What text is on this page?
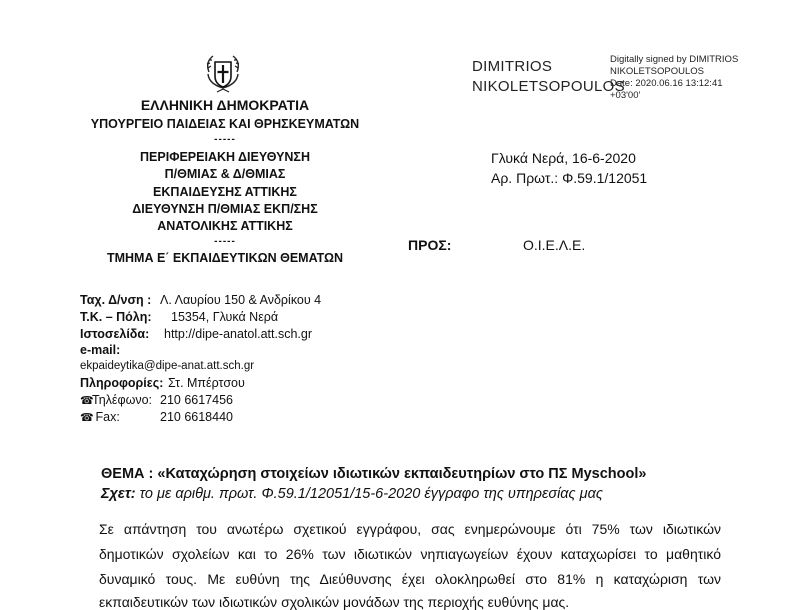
ΕΛΛΗΝΙΚΗ ΔΗΜΟΚΡΑΤΙΑ
ΥΠΟΥΡΓΕΙΟ ΠΑΙΔΕΙΑΣ ΚΑΙ ΘΡΗΣΚΕΥΜΑΤΩΝ
-----
ΠΕΡΙΦΕΡΕΙΑΚΗ ΔΙΕΥΘΥΝΣΗ
Π/ΘΜΙΑΣ & Δ/ΘΜΙΑΣ
ΕΚΠΑΙΔΕΥΣΗΣ ΑΤΤΙΚΗΣ
ΔΙΕΥΘΥΝΣΗ Π/ΘΜΙΑΣ ΕΚΠ/ΣΗΣ
ΑΝΑΤΟΛΙΚΗΣ ΑΤΤΙΚΗΣ
-----
ΤΜΗΜΑ Ε΄ ΕΚΠΑΙΔΕΥΤΙΚΩΝ ΘΕΜΑΤΩΝ
Ταχ. Δ/νση : Λ. Λαυρίου 150 & Ανδρίκου 4
Τ.Κ. – Πόλη: 15354, Γλυκά Νερά
Ιστοσελίδα: http://dipe-anatol.att.sch.gr
e-mail:
ekpaideytika@dipe-anat.att.sch.gr
Πληροφορίες: Στ. Μπέρτσου
☎Τηλέφωνο: 210 6617456
☎ Fax:	210 6618440
DIMITRIOS
NIKOLETSOPOULOS
Digitally signed by DIMITRIOS
NIKOLETSOPOULOS
Date: 2020.06.16 13:12:41
+03'00'
Γλυκά Νερά, 16-6-2020
Αρ. Πρωτ.: Φ.59.1/12051
ΠΡΟΣ:	Ο.Ι.Ε.Λ.Ε.
ΘΕΜΑ : «Καταχώρηση στοιχείων ιδιωτικών εκπαιδευτηρίων στο ΠΣ Myschool»
Σχετ: το με αριθμ. πρωτ. Φ.59.1/12051/15-6-2020 έγγραφο της υπηρεσίας μας
Σε απάντηση του ανωτέρω σχετικού εγγράφου, σας ενημερώνουμε ότι 75% των ιδιωτικών
δημοτικών σχολείων και το 26% των ιδιωτικών νηπιαγωγείων έχουν καταχωρίσει το μαθητικό
δυναμικό τους. Με ευθύνη της Διεύθυνσης έχει ολοκληρωθεί στο 81% η καταχώριση των
εκπαιδευτικών των ιδιωτικών σχολικών μονάδων της περιοχής ευθύνης μας.
